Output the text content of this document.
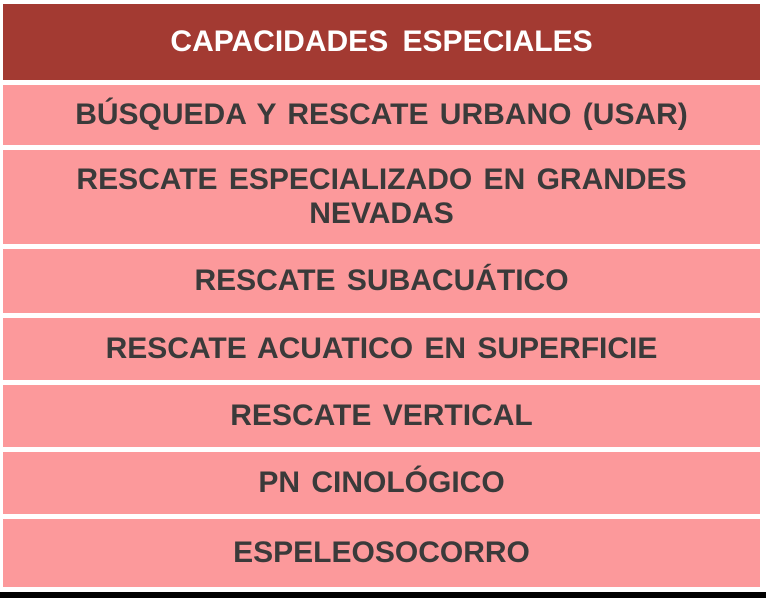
CAPACIDADES ESPECIALES
BÚSQUEDA Y RESCATE URBANO (USAR)
RESCATE ESPECIALIZADO EN GRANDES NEVADAS
RESCATE SUBACUÁTICO
RESCATE ACUATICO EN SUPERFICIE
RESCATE VERTICAL
PN CINOLÓGICO
ESPELEOSOCORRO
